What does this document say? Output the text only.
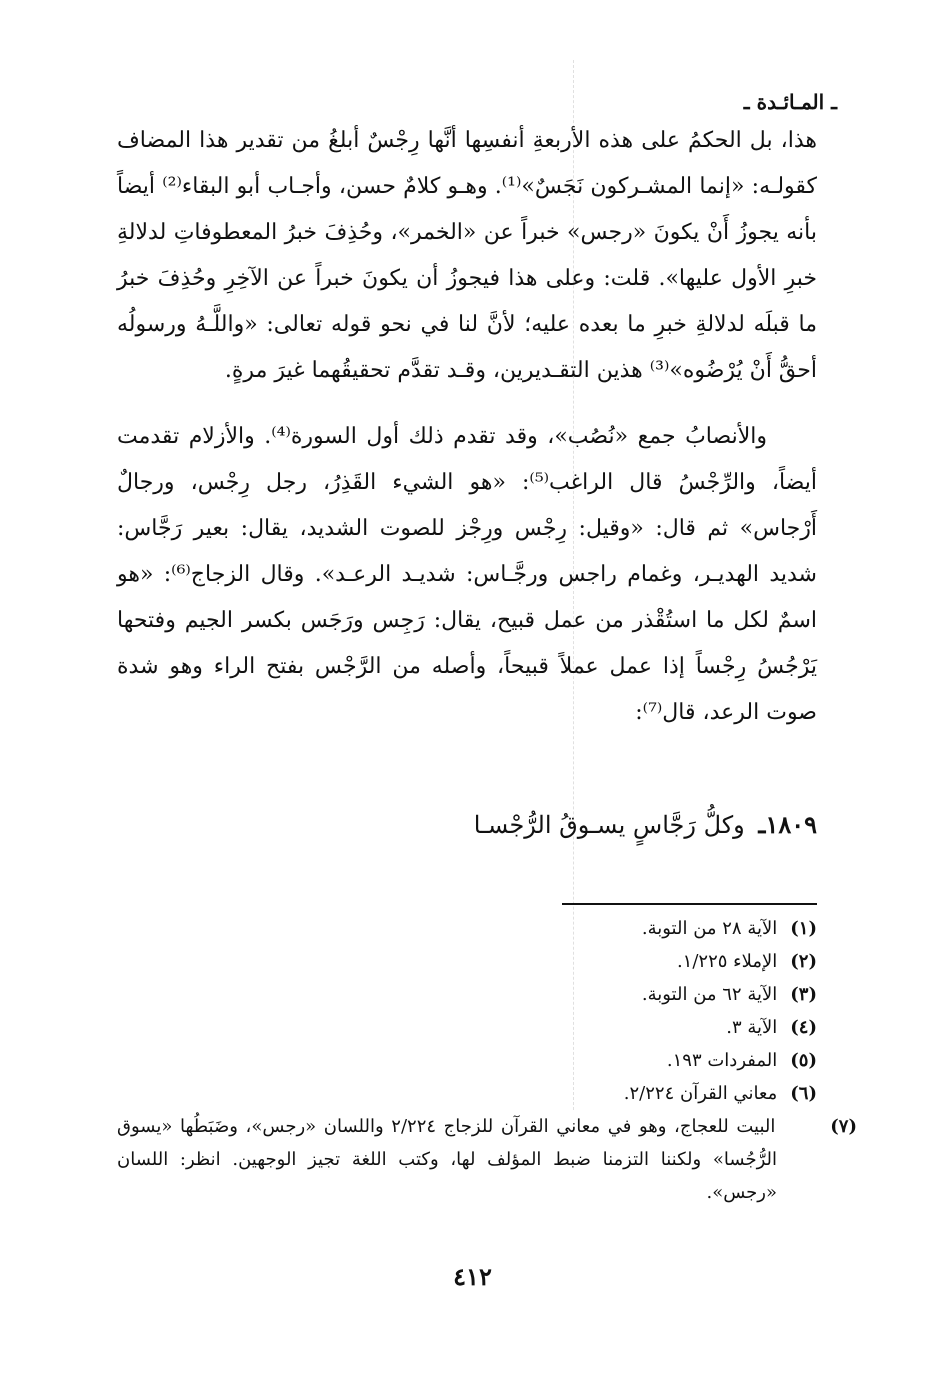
ـ المـائـدة ـ

هذا، بل الحكمُ على هذه الأربعةِ أنفسِها أنَّها رِجْسٌ أبلغُ من تقدير هذا المضاف كقولـه: «إنما المشـركون نَجَسٌ»⁽¹⁾. وهـو كلامٌ حسن، وأجـاب أبو البقاء⁽²⁾ أيضاً بأنه يجوزُ أَنْ يكونَ «رجس» خبراً عن «الخمر»، وحُذِفَ خبرُ المعطوفاتِ لدلالةِ خبرِ الأول عليها». قلت: وعلى هذا فيجوزُ أن يكونَ خبراً عن الآخِرِ وحُذِفَ خبرُ ما قبلَه لدلالةِ خبرِ ما بعده عليه؛ لأنَّ لنا في نحو قوله تعالى: «واللَّـهُ ورسولُه أحقُّ أَنْ يُرْضُوه»⁽³⁾ هذين التقـديرين، وقـد تقدَّم تحقيقُهما غيرَ مرةٍ.

والأنصابُ جمع «نُصُب»، وقد تقدم ذلك أول السورة⁽⁴⁾. والأزلام تقدمت أيضاً، والرِّجْسُ قال الراغب⁽⁵⁾: «هو الشيء القَذِرُ، رجل رِجْس، ورجالٌ أَرْجاس» ثم قال: «وقيل: رِجْس ورِجْز للصوت الشديد، يقال: بعير رَجَّاس: شديد الهديـر، وغمام راجس ورجَّـاس: شديـد الرعـد». وقال الزجاج⁽⁶⁾: «هو اسمٌ لكل ما استُقْذر من عمل قبيح، يقال: رَجِس ورَجَس بكسر الجيم وفتحها يَرْجُسُ رِجْساً إذا عمل عملاً قبيحاً، وأصله من الرَّجْس بفتح الراء وهو شدة صوت الرعد، قال⁽⁷⁾:

١٨٠٩ـ وكلُّ رَجَّاسٍ يسـوقُ الرُّجْسـا
(١) الآية ٢٨ من التوبة.
(٢) الإملاء ١/٢٢٥.
(٣) الآية ٦٢ من التوبة.
(٤) الآية ٣.
(٥) المفردات ١٩٣.
(٦) معاني القرآن ٢/٢٢٤.
(٧) البيت للعجاج، وهو في معاني القرآن للزجاج ٢/٢٢٤ واللسان «رجس»، وضَبَطُها «يسوق الرُّجُسا» ولكننا التزمنا ضبط المؤلف لها، وكتب اللغة تجيز الوجهين. انظر: اللسان «رجس».
٤١٢
